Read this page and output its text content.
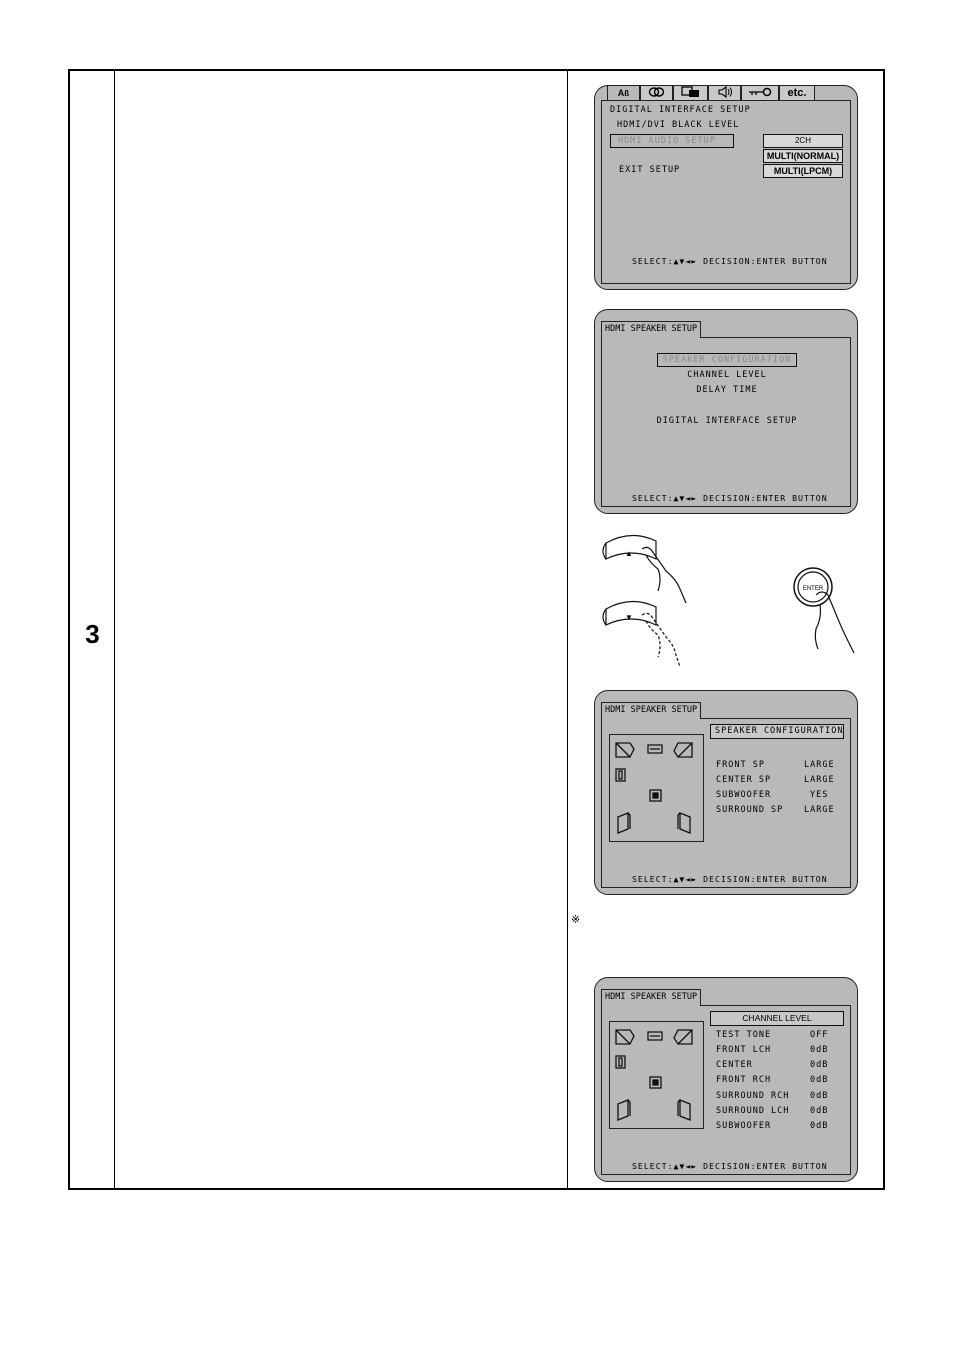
3
Aß	etc.
DIGITAL INTERFACE SETUP
HDMI/DVI BLACK LEVEL
HDMI AUDIO SETUP	2CH
MULTI(NORMAL)
MULTI(LPCM)
EXIT SETUP
SELECT:▲▼◄► DECISION:ENTER BUTTON
SPEAKER CONFIGURATION
CHANNEL LEVEL
DELAY TIME
DIGITAL INTERFACE SETUP
SELECT:▲▼◄► DECISION:ENTER BUTTON
HDMI SPEAKER SETUP
SPEAKER CONFIGURATION
FRONT SP	LARGE
CENTER SP	LARGE
SUBWOOFER	YES
SURROUND SP LARGE
SELECT:▲▼◄► DECISION:ENTER BUTTON
HDMI SPEAKER SETUP
※
CHANNEL LEVEL
TEST TONE	OFF
FRONT LCH	0dB
CENTER	0dB
FRONT RCH	0dB
SURROUND RCH 0dB
SURROUND LCH 0dB
SUBWOOFER	0dB
SELECT:▲▼◄► DECISION:ENTER BUTTON
HDMI SPEAKER SETUP
▲
▼
ENTER
